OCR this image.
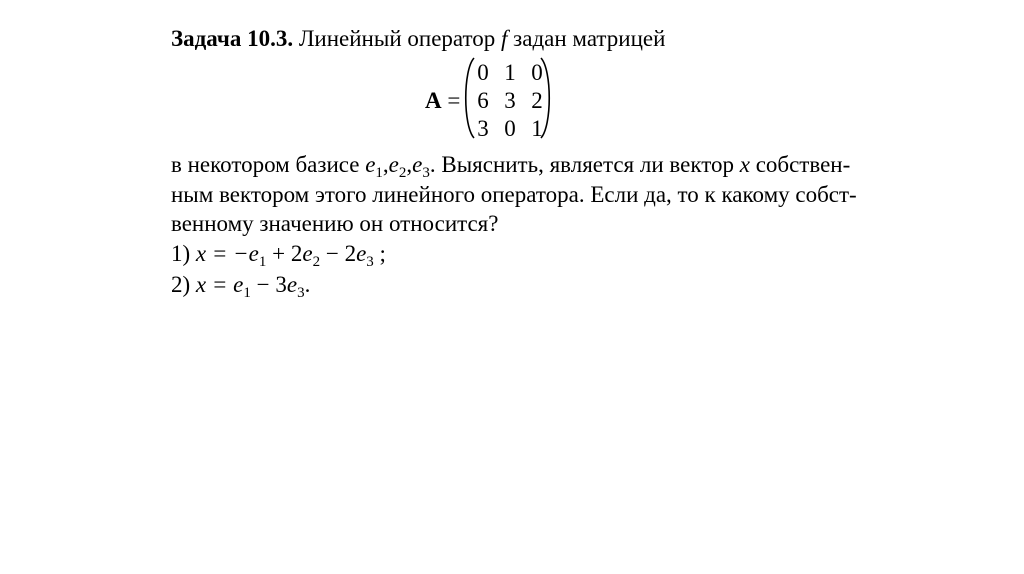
Задача 10.3. Линейный оператор f задан матрицей
A =
0 1 0
6 3 2
3 0 1
в некотором базисе $e_1,e_2,e_3$. Выяснить, является ли вектор x собствен-
ным вектором этого линейного оператора. Если да, то к какому собст-
венному значению он относится?
1) $x = -e_1 + 2e_2 - 2e_3$ ;
2) $x = e_1 - 3e_3$.
